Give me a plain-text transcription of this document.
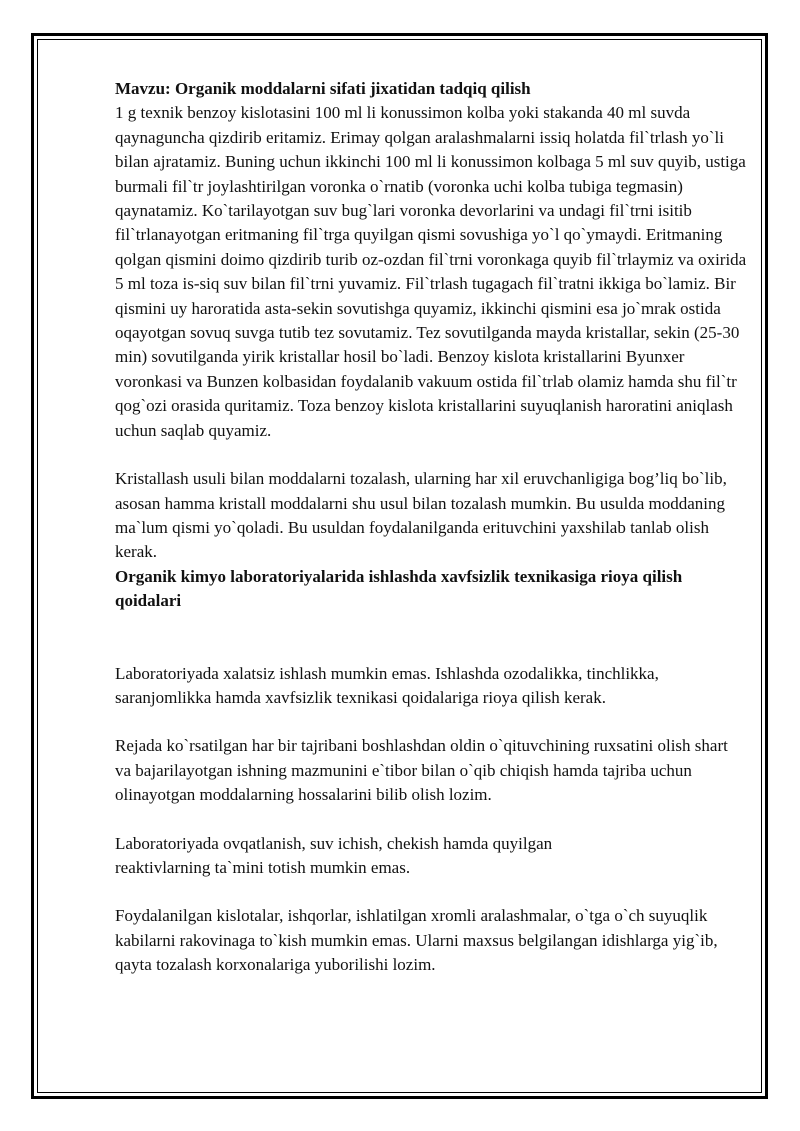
Mavzu: Organik moddalarni sifati jixatidan tadqiq qilish

1 g texnik benzoy kislotasini 100 ml li konussimon kolba yoki stakanda 40 ml suvda qaynaguncha qizdirib eritamiz. Erimay qolgan aralashmalarni issiq holatda fil`trlash yo`li bilan ajratamiz. Buning uchun ikkinchi 100 ml li konussimon kolbaga 5 ml suv quyib, ustiga burmali fil`tr joylashtirilgan voronka o`rnatib (voronka uchi kolba tubiga tegmasin) qaynatamiz. Ko`tarilayotgan suv bug`lari voronka devorlarini va undagi fil`trni isitib fil`trlanayotgan eritmaning fil`trga quyilgan qismi sovushiga yo`l qo`ymaydi. Eritmaning qolgan qismini doimo qizdirib turib oz-ozdan fil`trni voronkaga quyib fil`trlaymiz va oxirida 5 ml toza is-siq suv bilan fil`trni yuvamiz. Fil`trlash tugagach fil`tratni ikkiga bo`lamiz. Bir qismini uy haroratida asta-sekin sovutishga quyamiz, ikkinchi qismini esa jo`mrak ostida oqayotgan sovuq suvga tutib tez sovutamiz. Tez sovutilganda mayda kristallar, sekin (25-30 min) sovutilganda yirik kristallar hosil bo`ladi. Benzoy kislota kristallarini Byunxer voronkasi va Bunzen kolbasidan foydalanib vakuum ostida fil`trlab olamiz hamda shu fil`tr qog`ozi orasida quritamiz. Toza benzoy kislota kristallarini suyuqlanish haroratini aniqlash uchun saqlab quyamiz.

Kristallash usuli bilan moddalarni tozalash, ularning har xil eruvchanligiga bog’liq bo`lib, asosan hamma kristall moddalarni shu usul bilan tozalash mumkin. Bu usulda moddaning ma`lum qismi yo`qoladi. Bu usuldan foydalanilganda erituvchini yaxshilab tanlab olish kerak.

Organik kimyo laboratoriyalarida ishlashda xavfsizlik texnikasiga rioya qilish qoidalari

Laboratoriyada xalatsiz ishlash mumkin emas. Ishlashda ozodalikka, tinchlikka, saranjomlikka hamda xavfsizlik texnikasi qoidalariga rioya qilish kerak.

Rejada ko`rsatilgan har bir tajribani boshlashdan oldin o`qituvchining ruxsatini olish shart va bajarilayotgan ishning mazmunini e`tibor bilan o`qib chiqish hamda tajriba uchun olinayotgan moddalarning hossalarini bilib olish lozim.

Laboratoriyada ovqatlanish, suv ichish, chekish hamda quyilgan
reaktivlarning ta`mini totish mumkin emas.

Foydalanilgan kislotalar, ishqorlar, ishlatilgan xromli aralashmalar, o`tga o`ch suyuqlik kabilarni rakovinaga to`kish mumkin emas. Ularni maxsus belgilangan idishlarga yig`ib, qayta tozalash korxonalariga yuborilishi lozim.
